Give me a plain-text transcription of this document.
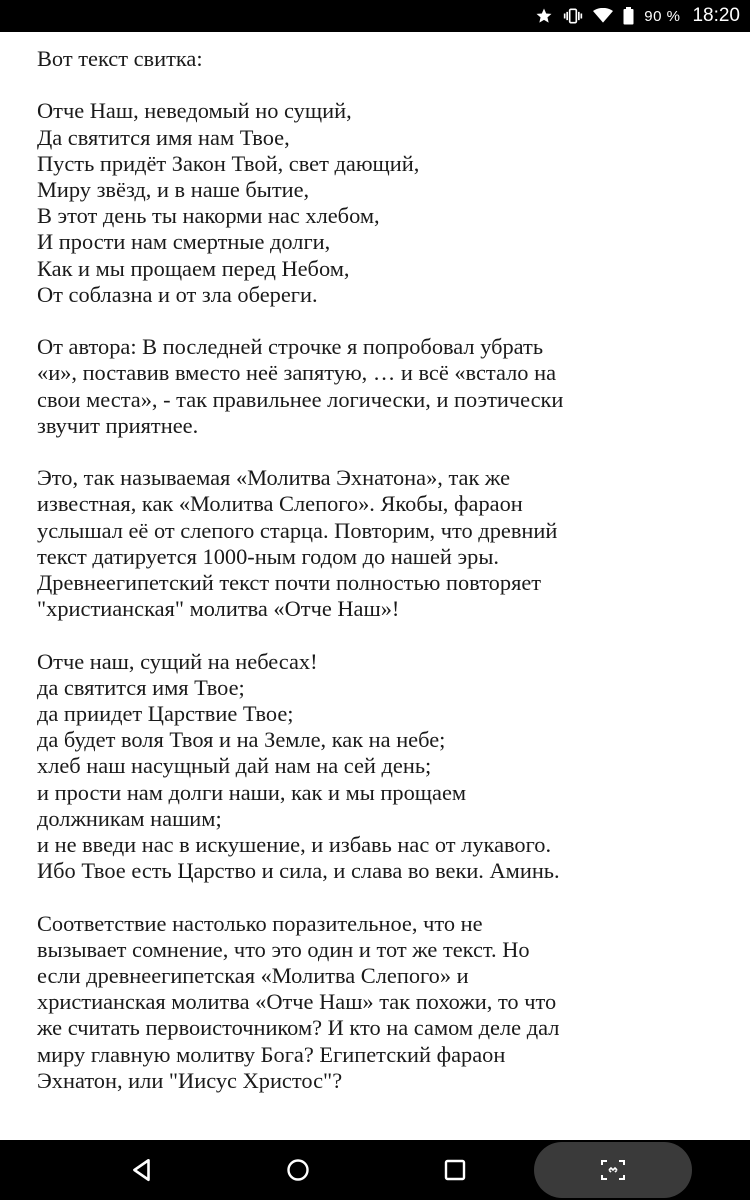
90 % 18:20
Вот текст свитка:
Отче Наш, неведомый но сущий,
Да святится имя нам Твое,
Пусть придёт Закон Твой, свет дающий,
Миру звёзд, и в наше бытие,
В этот день ты накорми нас хлебом,
И прости нам смертные долги,
Как и мы прощаем перед Небом,
От соблазна и от зла обереги.
От автора: В последней строчке я попробовал убрать
«и», поставив вместо неё запятую, … и всё «встало на
свои места», - так правильнее логически, и поэтически
звучит приятнее.
Это, так называемая «Молитва Эхнатона», так же
известная, как «Молитва Слепого». Якобы, фараон
услышал её от слепого старца. Повторим, что древний
текст датируется 1000-ным годом до нашей эры.
Древнеегипетский текст почти полностью повторяет
"христианская" молитва «Отче Наш»!
Отче наш, сущий на небесах!
да святится имя Твое;
да приидет Царствие Твое;
да будет воля Твоя и на Земле, как на небе;
хлеб наш насущный дай нам на сей день;
и прости нам долги наши, как и мы прощаем
должникам нашим;
и не введи нас в искушение, и избавь нас от лукавого.
Ибо Твое есть Царство и сила, и слава во веки. Аминь.
Соответствие настолько поразительное, что не
вызывает сомнение, что это один и тот же текст. Но
если древнеегипетская «Молитва Слепого» и
христианская молитва «Отче Наш» так похожи, то что
же считать первоисточником? И кто на самом деле дал
миру главную молитву Бога? Египетский фараон
Эхнатон, или "Иисус Христос"?
